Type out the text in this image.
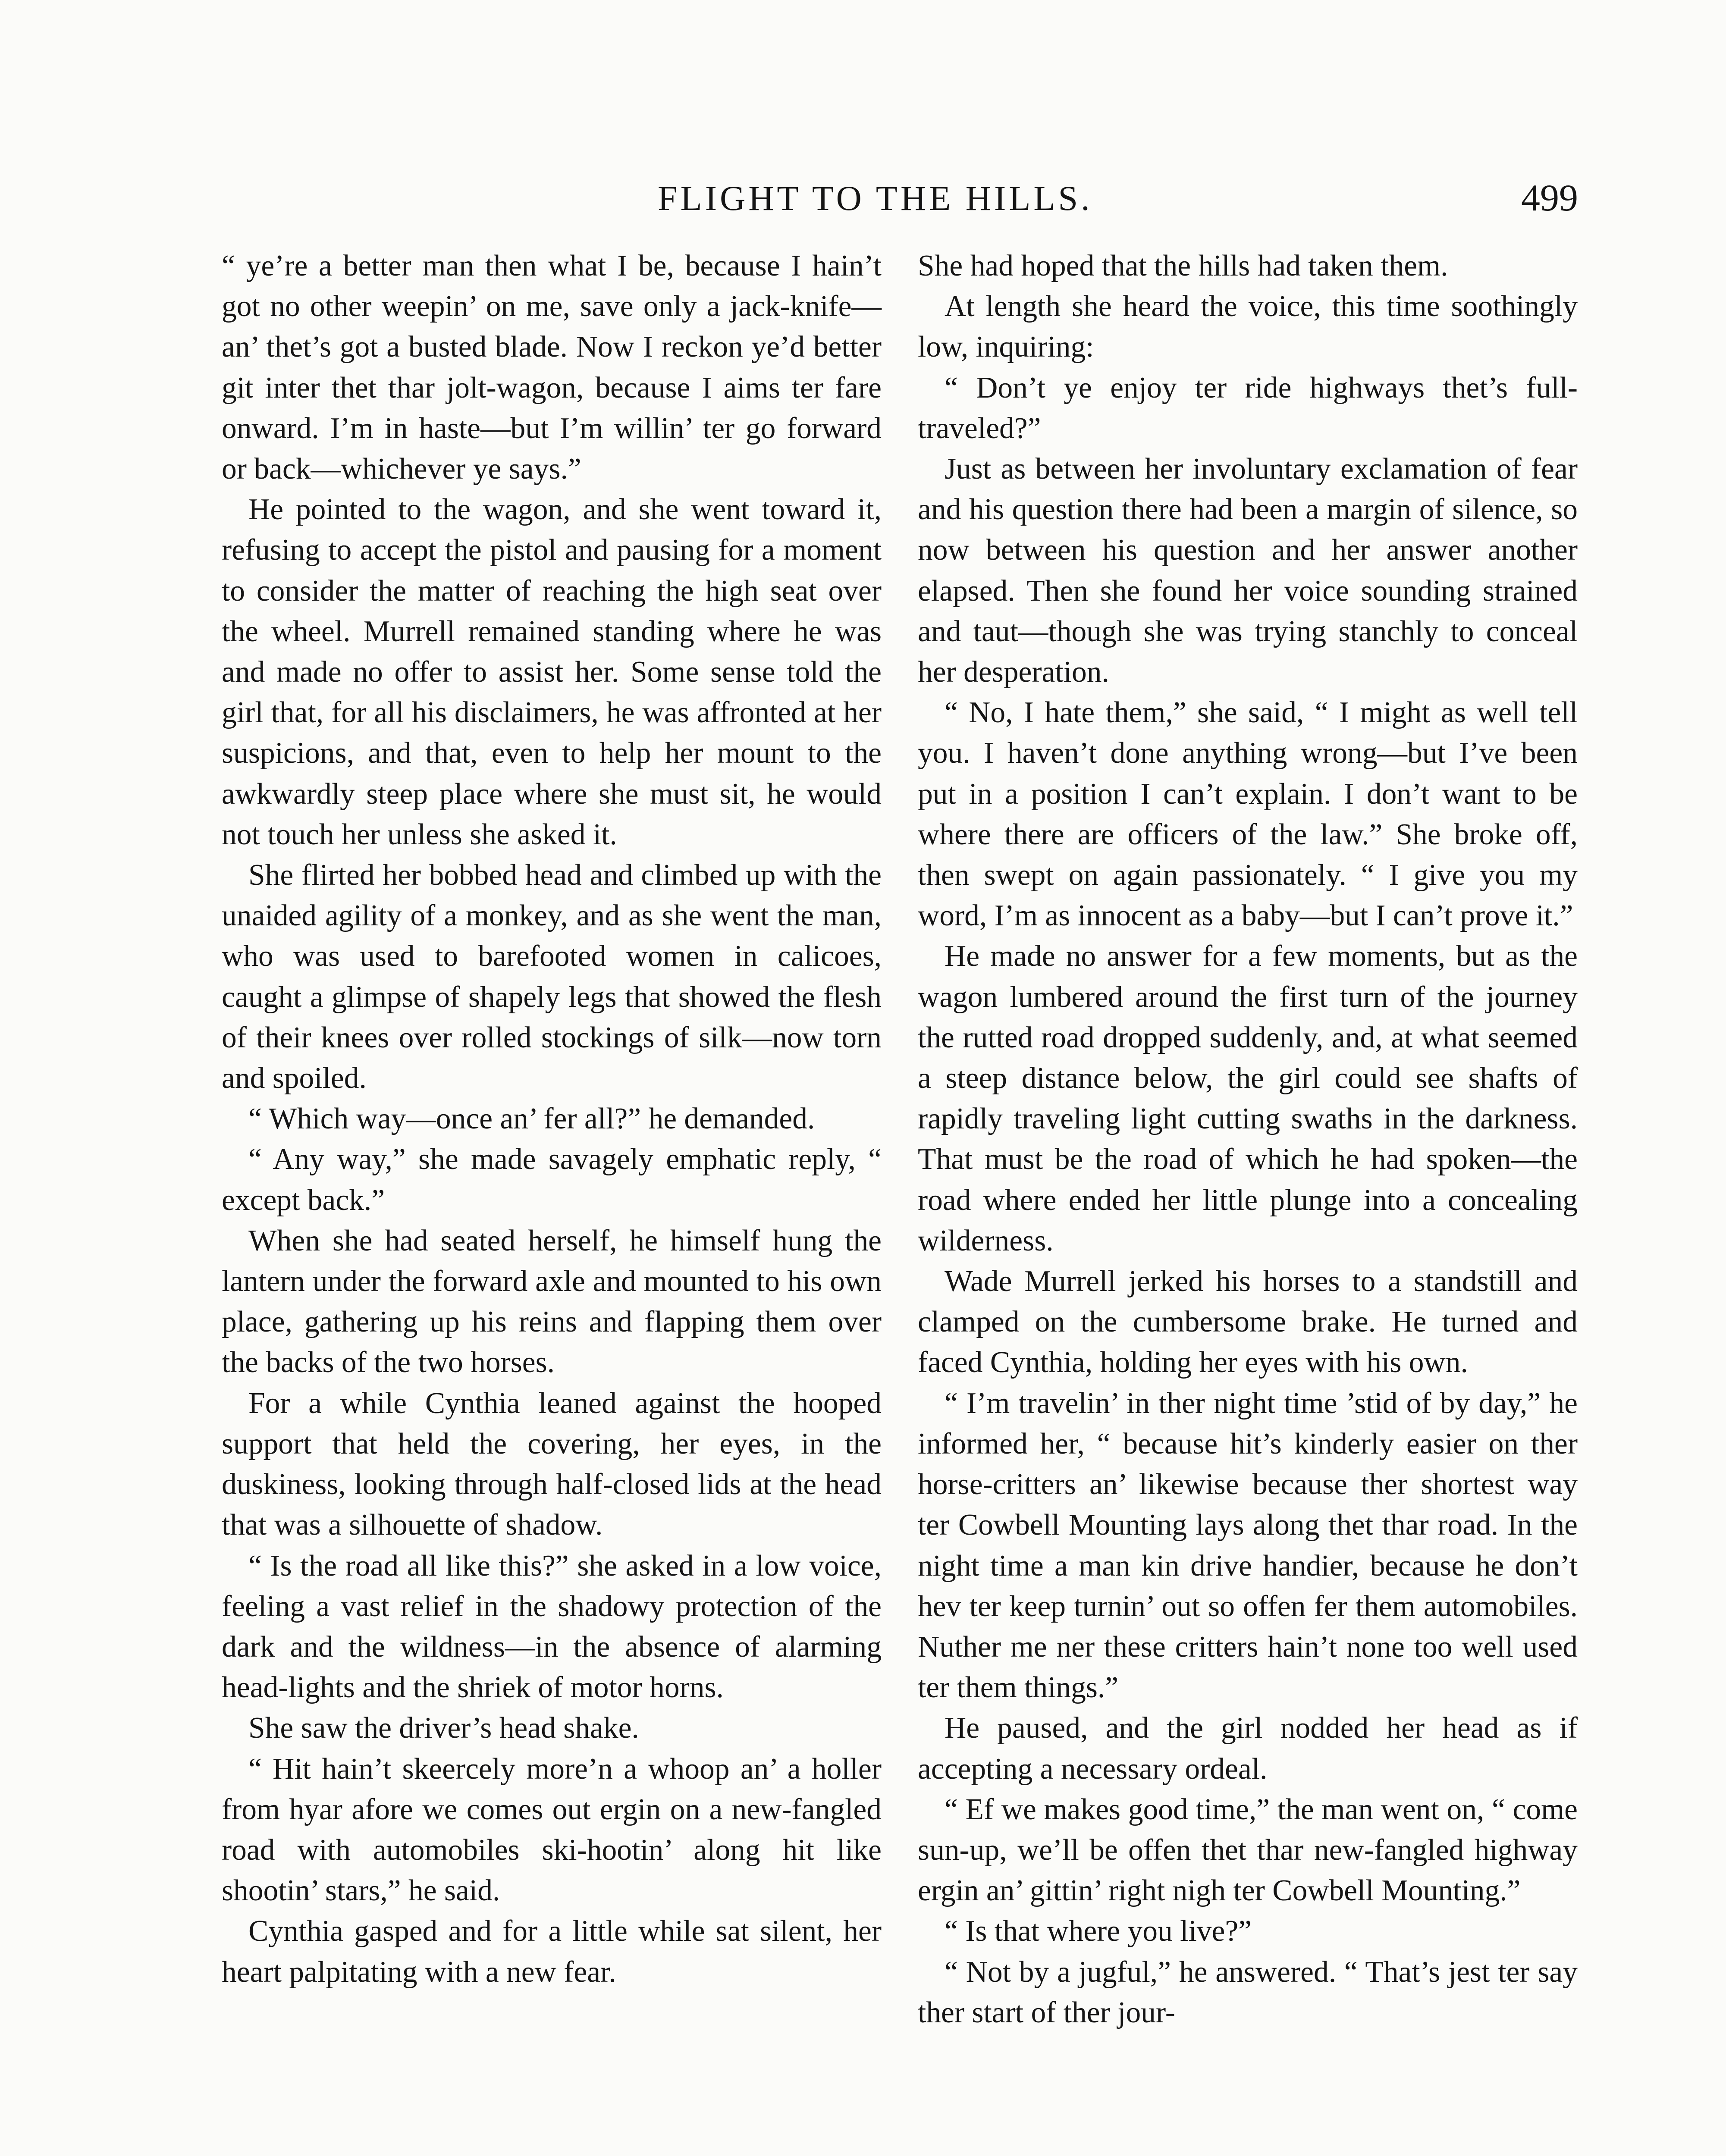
FLIGHT TO THE HILLS.	499

“ ye’re a better man then what I be, because I hain’t got no other weepin’ on me, save only a jack-knife—an’ thet’s got a busted blade. Now I reckon ye’d better git inter thet thar jolt-wagon, because I aims ter fare onward. I’m in haste—but I’m willin’ ter go forward or back—whichever ye says.”

He pointed to the wagon, and she went toward it, refusing to accept the pistol and pausing for a moment to consider the matter of reaching the high seat over the wheel. Murrell remained standing where he was and made no offer to assist her. Some sense told the girl that, for all his disclaimers, he was affronted at her suspicions, and that, even to help her mount to the awkwardly steep place where she must sit, he would not touch her unless she asked it.

She flirted her bobbed head and climbed up with the unaided agility of a monkey, and as she went the man, who was used to barefooted women in calicoes, caught a glimpse of shapely legs that showed the flesh of their knees over rolled stockings of silk—now torn and spoiled.

“ Which way—once an’ fer all?” he demanded.

“ Any way,” she made savagely emphatic reply, “ except back.”

When she had seated herself, he himself hung the lantern under the forward axle and mounted to his own place, gathering up his reins and flapping them over the backs of the two horses.

For a while Cynthia leaned against the hooped support that held the covering, her eyes, in the duskiness, looking through half-closed lids at the head that was a silhouette of shadow.

“ Is the road all like this?” she asked in a low voice, feeling a vast relief in the shadowy protection of the dark and the wildness—in the absence of alarming head-lights and the shriek of motor horns.

She saw the driver’s head shake.

“ Hit hain’t skeercely more’n a whoop an’ a holler from hyar afore we comes out ergin on a new-fangled road with automobiles ski-hootin’ along hit like shootin’ stars,” he said.

Cynthia gasped and for a little while sat silent, her heart palpitating with a new fear.

She had hoped that the hills had taken them.

At length she heard the voice, this time soothingly low, inquiring:

“ Don’t ye enjoy ter ride highways thet’s full-traveled?”

Just as between her involuntary exclamation of fear and his question there had been a margin of silence, so now between his question and her answer another elapsed. Then she found her voice sounding strained and taut—though she was trying stanchly to conceal her desperation.

“ No, I hate them,” she said, “ I might as well tell you. I haven’t done anything wrong—but I’ve been put in a position I can’t explain. I don’t want to be where there are officers of the law.” She broke off, then swept on again passionately. “ I give you my word, I’m as innocent as a baby—but I can’t prove it.”

He made no answer for a few moments, but as the wagon lumbered around the first turn of the journey the rutted road dropped suddenly, and, at what seemed a steep distance below, the girl could see shafts of rapidly traveling light cutting swaths in the darkness. That must be the road of which he had spoken—the road where ended her little plunge into a concealing wilderness.

Wade Murrell jerked his horses to a standstill and clamped on the cumbersome brake. He turned and faced Cynthia, holding her eyes with his own.

“ I’m travelin’ in ther night time ’stid of by day,” he informed her, “ because hit’s kinderly easier on ther horse-critters an’ likewise because ther shortest way ter Cowbell Mounting lays along thet thar road. In the night time a man kin drive handier, because he don’t hev ter keep turnin’ out so offen fer them automobiles. Nuther me ner these critters hain’t none too well used ter them things.”

He paused, and the girl nodded her head as if accepting a necessary ordeal.

“ Ef we makes good time,” the man went on, “ come sun-up, we’ll be offen thet thar new-fangled highway ergin an’ gittin’ right nigh ter Cowbell Mounting.”

“ Is that where you live?”

“ Not by a jugful,” he answered. “ That’s jest ter say ther start of ther jour-
